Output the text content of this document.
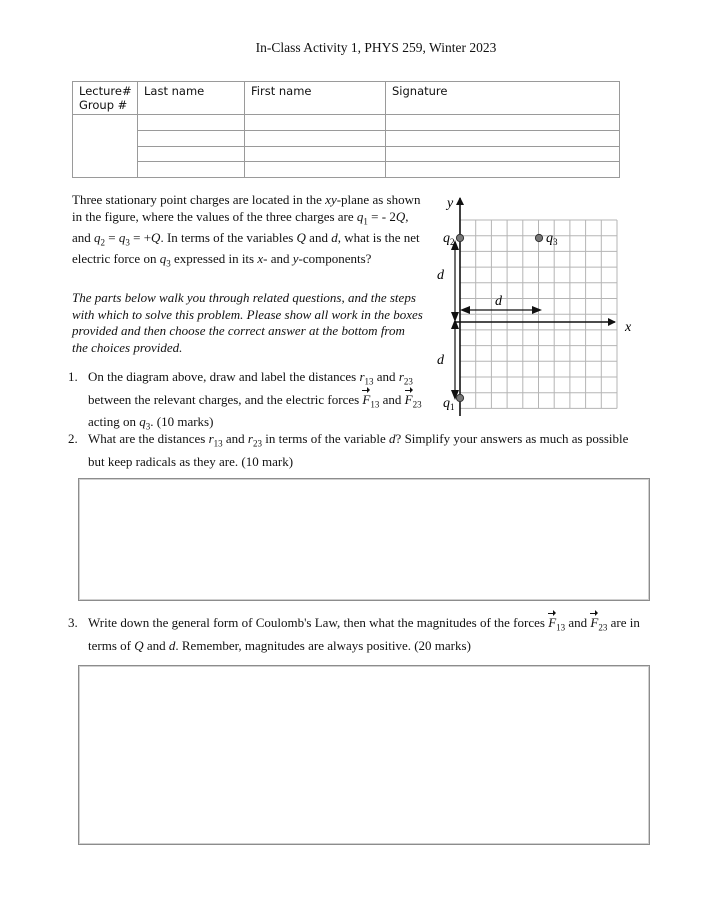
In-Class Activity 1, PHYS 259, Winter 2023
Lecture#
Group #	Last name	First name	Signature

Three stationary point charges are located in the xy-plane as shown in the figure, where the values of the three charges are $q_1$ = - 2Q, and $q_2 = q_3 = +Q$. In terms of the variables Q and d, what is the net electric force on $q_3$ expressed in its x- and y-components?
The parts below walk you through related questions, and the steps with which to solve this problem. Please show all work in the boxes provided and then choose the correct answer at the bottom from the choices provided.
1. On the diagram above, draw and label the distances $r_{13}$ and $r_{23}$ between the relevant charges, and the electric forces $F_{13}$ and $F_{23}$ acting on $q_3$. (10 marks)
2. What are the distances $r_{13}$ and $r_{23}$ in terms of the variable d? Simplify your answers as much as possible but keep radicals as they are. (10 mark)
3. Write down the general form of Coulomb's Law, then what the magnitudes of the forces $F_{13}$ and $F_{23}$ are in terms of Q and d. Remember, magnitudes are always positive. (20 marks)
x
y
d
d
d
$q_2$	$q_3$
$q_1$
